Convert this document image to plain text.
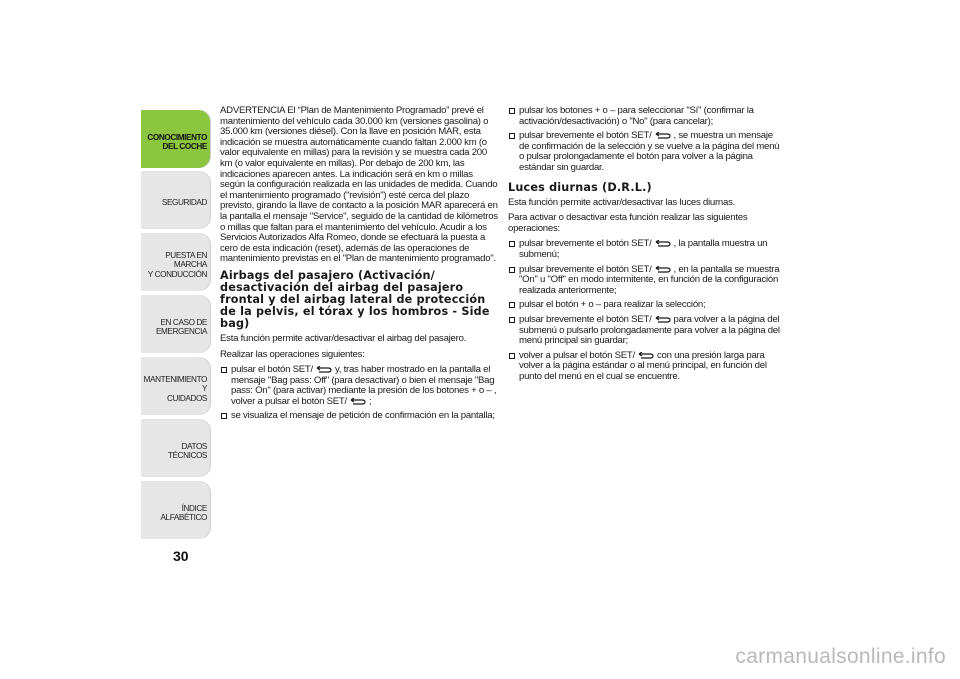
CONOCIMIENTO
DEL COCHE
SEGURIDAD
PUESTA EN MARCHA
Y CONDUCCIÓN
EN CASO DE
EMERGENCIA
MANTENIMIENTO Y
CUIDADOS
DATOS TÉCNICOS
ÍNDICE ALFABÉTICO
30

ADVERTENCIA El “Plan de Mantenimiento Programado” prevé el mantenimiento del vehículo cada 30.000 km (versiones gasolina) o 35.000 km (versiones diésel). Con la llave en posición MAR, esta indicación se muestra automáticamente cuando faltan 2.000 km (o valor equivalente en millas) para la revisión y se muestra cada 200 km (o valor equivalente en millas). Por debajo de 200 km, las indicaciones aparecen antes. La indicación será en km o millas según la configuración realizada en las unidades de medida. Cuando el mantenimiento programado ("revisión") esté cerca del plazo previsto, girando la llave de contacto a la posición MAR aparecerá en la pantalla el mensaje "Service", seguido de la cantidad de kilómetros o millas que faltan para el mantenimiento del vehículo. Acudir a los Servicios Autorizados Alfa Romeo, donde se efectuará la puesta a cero de esta indicación (reset), además de las operaciones de mantenimiento previstas en el "Plan de mantenimiento programado".

Airbags del pasajero (Activación/ desactivación del airbag del pasajero frontal y del airbag lateral de protección de la pelvis, el tórax y los hombros - Side bag)

Esta función permite activar/desactivar el airbag del pasajero.

Realizar las operaciones siguientes:

pulsar el botón SET/ y, tras haber mostrado en la pantalla el mensaje "Bag pass: Off" (para desactivar) o bien el mensaje "Bag pass: On" (para activar) mediante la presión de los botones + o – , volver a pulsar el botón SET/ ;
se visualiza el mensaje de petición de confirmación en la pantalla;
pulsar los botones + o – para seleccionar "Sí" (confirmar la activación/desactivación) o "No" (para cancelar);
pulsar brevemente el botón SET/ , se muestra un mensaje de confirmación de la selección y se vuelve a la página del menú o pulsar prolongadamente el botón para volver a la página estándar sin guardar.
Luces diurnas (D.R.L.)

Esta función permite activar/desactivar las luces diurnas.

Para activar o desactivar esta función realizar las siguientes operaciones:

pulsar brevemente el botón SET/ , la pantalla muestra un submenú;
pulsar brevemente el botón SET/ , en la pantalla se muestra "On" u "Off" en modo intermitente, en función de la configuración realizada anteriormente;
pulsar el botón + o – para realizar la selección;
pulsar brevemente el botón SET/ para volver a la página del submenú o pulsarlo prolongadamente para volver a la página del menú principal sin guardar;
volver a pulsar el botón SET/ con una presión larga para volver a la página estándar o al menú principal, en función del punto del menú en el cual se encuentre.
carmanualsonline.info
